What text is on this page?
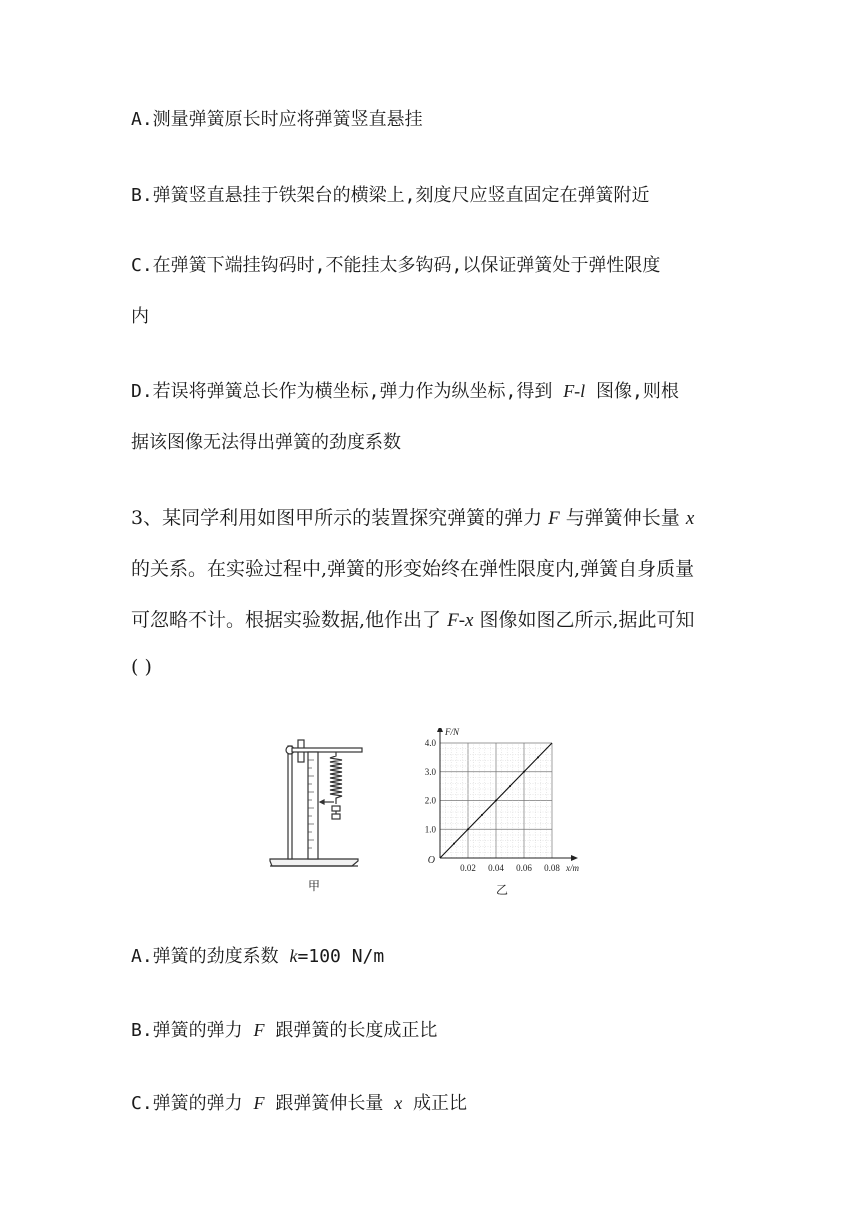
A.测量弹簧原长时应将弹簧竖直悬挂
B.弹簧竖直悬挂于铁架台的横梁上,刻度尺应竖直固定在弹簧附近
C.在弹簧下端挂钩码时,不能挂太多钩码,以保证弹簧处于弹性限度
内
D.若误将弹簧总长作为横坐标,弹力作为纵坐标,得到 F-l 图像,则根
据该图像无法得出弹簧的劲度系数
3、某同学利用如图甲所示的装置探究弹簧的弹力 F 与弹簧伸长量 x
的关系。在实验过程中,弹簧的形变始终在弹性限度内,弹簧自身质量
可忽略不计。根据实验数据,他作出了 F-x 图像如图乙所示,据此可知
( )
甲
0.02 0.04 0.06 0.08
1.0
2.0
3.0
4.0
O
x/m
F/N
乙
A.弹簧的劲度系数 k=100 N/m
B.弹簧的弹力 F 跟弹簧的长度成正比
C.弹簧的弹力 F 跟弹簧伸长量 x 成正比
